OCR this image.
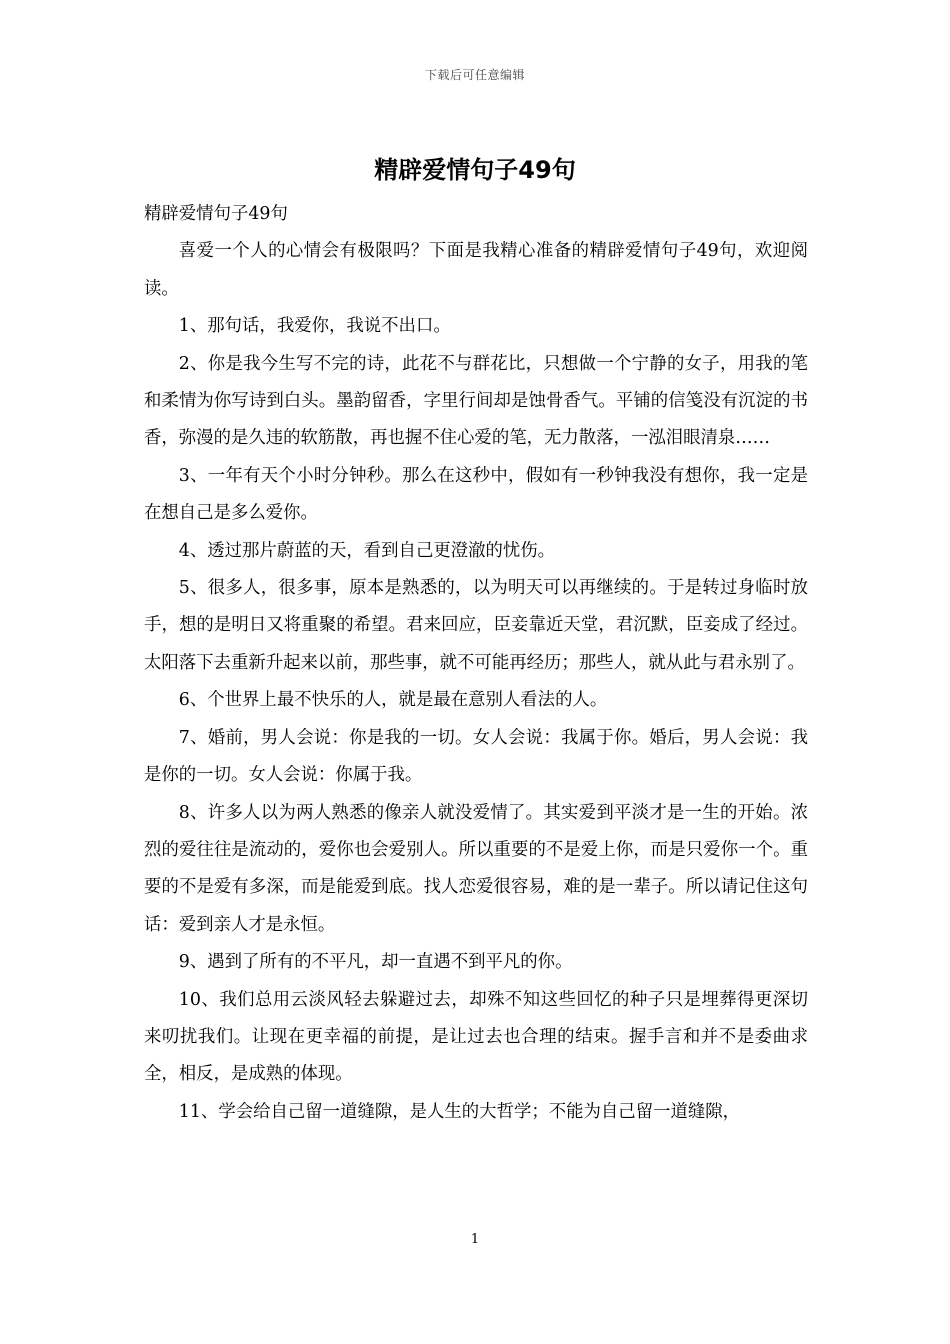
下载后可任意编辑
精辟爱情句子49句

精辟爱情句子49句

喜爱一个人的心情会有极限吗？下面是我精心准备的精辟爱情句子49句，欢迎阅读。

1、那句话，我爱你，我说不出口。

2、你是我今生写不完的诗，此花不与群花比，只想做一个宁静的女子，用我的笔和柔情为你写诗到白头。墨韵留香，字里行间却是蚀骨香气。平铺的信笺没有沉淀的书香，弥漫的是久违的软筋散，再也握不住心爱的笔，无力散落，一泓泪眼清泉……

3、一年有天个小时分钟秒。那么在这秒中，假如有一秒钟我没有想你，我一定是在想自己是多么爱你。

4、透过那片蔚蓝的天，看到自己更澄澈的忧伤。

5、很多人，很多事，原本是熟悉的，以为明天可以再继续的。于是转过身临时放手，想的是明日又将重聚的希望。君来回应，臣妾靠近天堂，君沉默，臣妾成了经过。太阳落下去重新升起来以前，那些事，就不可能再经历；那些人，就从此与君永别了。

6、个世界上最不快乐的人，就是最在意别人看法的人。

7、婚前，男人会说：你是我的一切。女人会说：我属于你。婚后，男人会说：我是你的一切。女人会说：你属于我。

8、许多人以为两人熟悉的像亲人就没爱情了。其实爱到平淡才是一生的开始。浓烈的爱往往是流动的，爱你也会爱别人。所以重要的不是爱上你，而是只爱你一个。重要的不是爱有多深，而是能爱到底。找人恋爱很容易，难的是一辈子。所以请记住这句话：爱到亲人才是永恒。

9、遇到了所有的不平凡，却一直遇不到平凡的你。

10、我们总用云淡风轻去躲避过去，却殊不知这些回忆的种子只是埋葬得更深切来叨扰我们。让现在更幸福的前提，是让过去也合理的结束。握手言和并不是委曲求全，相反，是成熟的体现。

11、学会给自己留一道缝隙，是人生的大哲学；不能为自己留一道缝隙，

1
